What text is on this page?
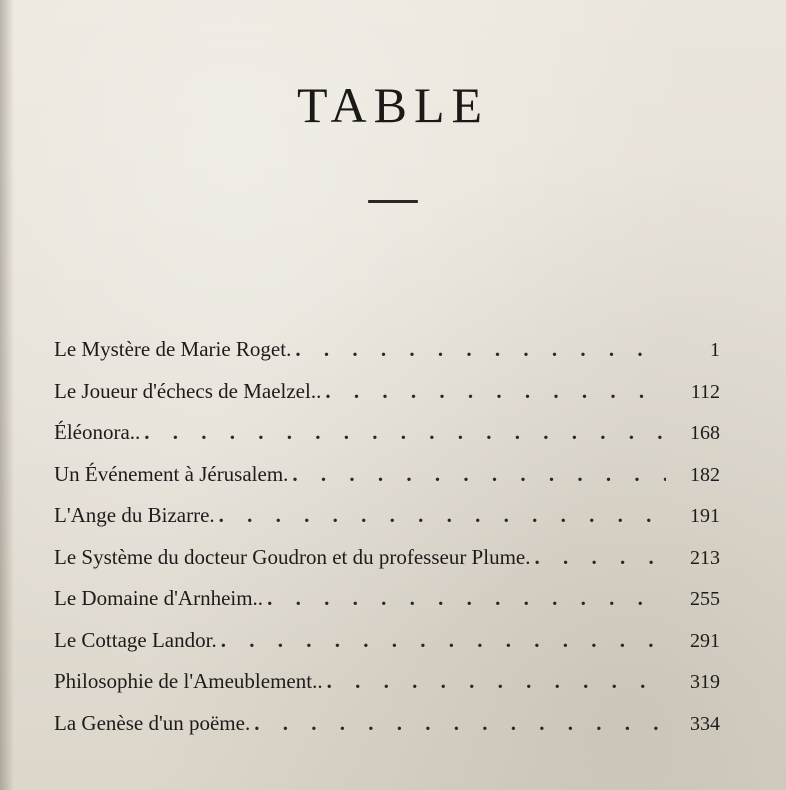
TABLE
Le Mystère de Marie Roget. . . .	1
Le Joueur d'échecs de Maelzel.. . . .	112
Éléonora.. . . .	168
Un Événement à Jérusalem. . . .	182
L'Ange du Bizarre. . . .	191
Le Système du docteur Goudron et du professeur Plume. . . .	213
Le Domaine d'Arnheim.. . . .	255
Le Cottage Landor. . . .	291
Philosophie de l'Ameublement.. . . .	319
La Genèse d'un poëme. . . .	334
